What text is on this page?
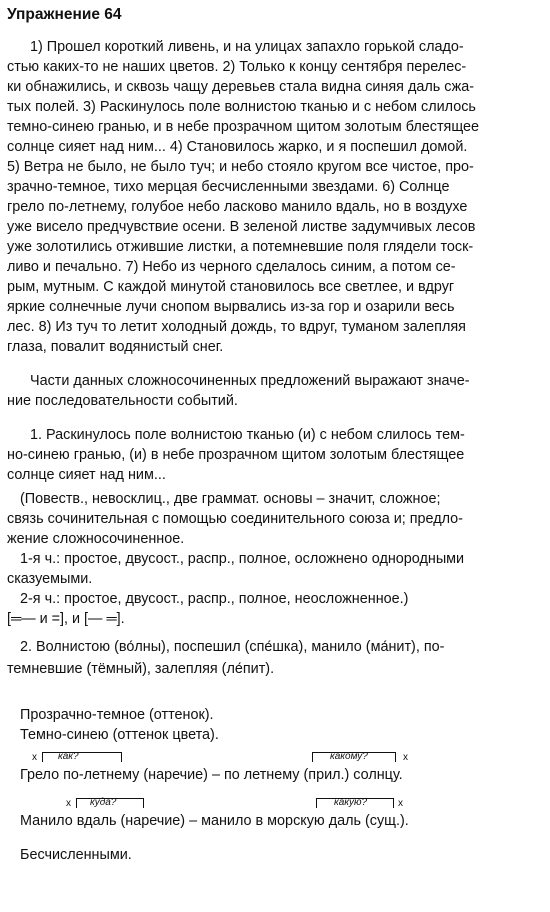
Упражнение 64
1) Прошел короткий ливень, и на улицах запахло горькой сладо-
стью каких-то не наших цветов. 2) Только к концу сентября перелес-
ки обнажились, и сквозь чащу деревьев стала видна синяя даль сжа-
тых полей. 3) Раскинулось поле волнистою тканью и с небом слилось
темно-синею гранью, и в небе прозрачном щитом золотым блестящее
солнце сияет над ним... 4) Становилось жарко, и я поспешил домой.
5) Ветра не было, не было туч; и небо стояло кругом все чистое, про-
зрачно-темное, тихо мерцая бесчисленными звездами. 6) Солнце
грело по-летнему, голубое небо ласково манило вдаль, но в воздухе
уже висело предчувствие осени. В зеленой листве задумчивых лесов
уже золотились отжившие листки, а потемневшие поля глядели тоск-
ливо и печально. 7) Небо из черного сделалось синим, а потом се-
рым, мутным. С каждой минутой становилось все светлее, и вдруг
яркие солнечные лучи снопом вырвались из-за гор и озарили весь
лес. 8) Из туч то летит холодный дождь, то вдруг, туманом залепляя
глаза, повалит водянистый снег.
Части данных сложносочиненных предложений выражают значе-
ние последовательности событий.
1. Раскинулось поле волнистою тканью (и) с небом слилось тем-
но-синею гранью, (и) в небе прозрачном щитом золотым блестящее
солнце сияет над ним...
(Повеств., невосклиц., две граммат. основы – значит, сложное;
связь сочинительная с помощью соединительного союза и; предло-
жение сложносочиненное.
1-я ч.: простое, двусост., распр., полное, осложнено однородными
сказуемыми.
2-я ч.: простое, двусост., распр., полное, неосложненное.)
[═— и =], и [— ═].
2. Волнистою (во́лны), поспешил (спе́шка), манило (ма́нит), по-
темневшие (тёмный), залепляя (ле́пит).
Прозрачно-темное (оттенок).
Темно-синею (оттенок цвета).
x как?	какому?	x
Грело по-летнему (наречие) – по летнему (прил.) солнцу.
x куда?	какую?	x
Манило вдаль (наречие) – манило в морскую даль (сущ.).
Бесчисленными.
